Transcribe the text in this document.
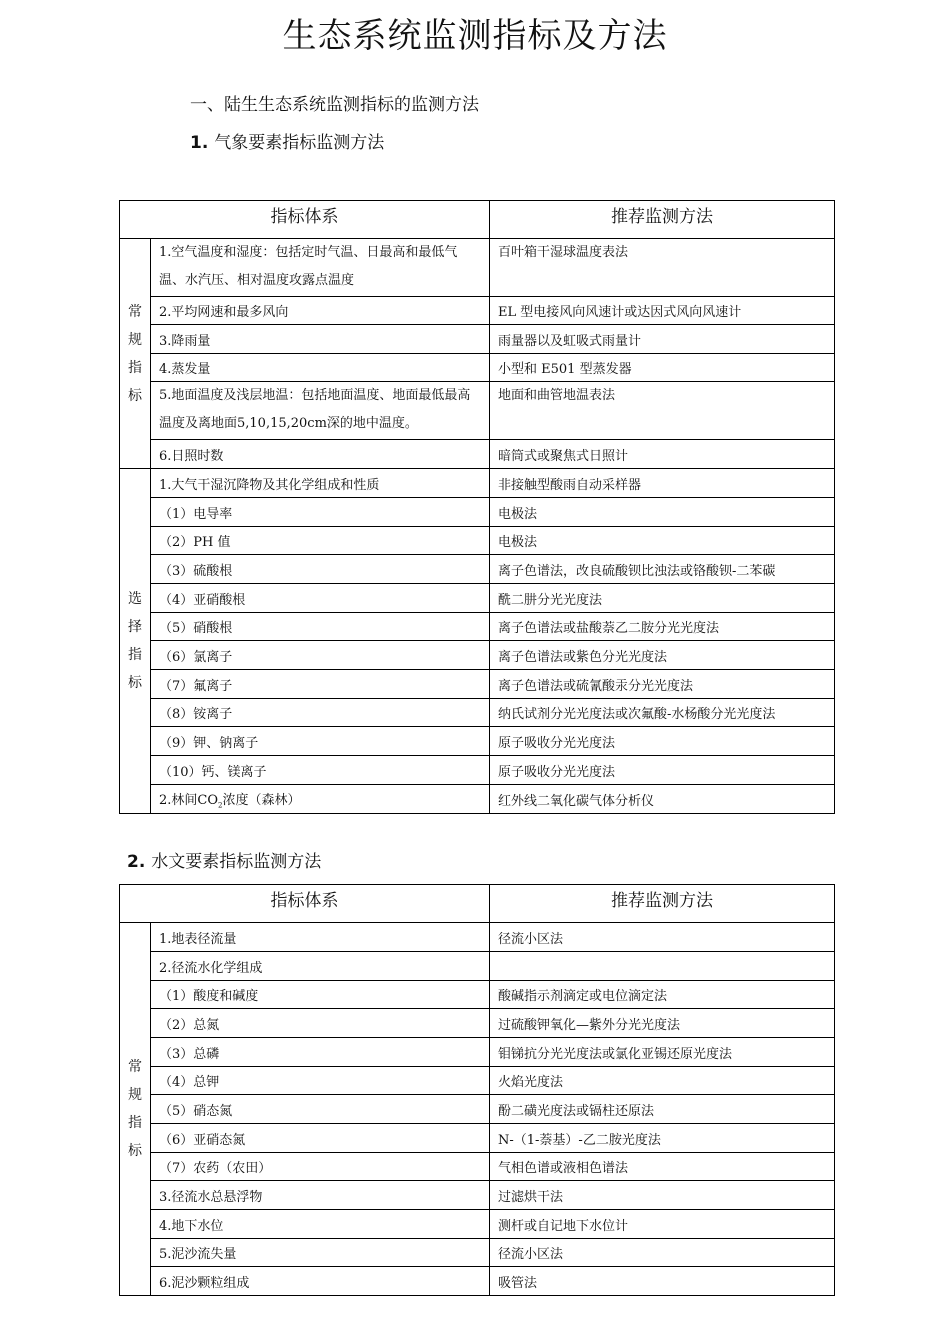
生态系统监测指标及方法
一、陆生生态系统监测指标的监测方法
1. 气象要素指标监测方法
指标体系		推荐监测方法

常规指标	1.空气温度和湿度：包括定时气温、日最高和最低气温、水汽压、相对温度攻露点温度	百叶箱干湿球温度表法
	2.平均网速和最多风向	EL 型电接风向风速计或达因式风向风速计
	3.降雨量	雨量器以及虹吸式雨量计
	4.蒸发量	小型和 E501 型蒸发器
	5.地面温度及浅层地温：包括地面温度、地面最低最高温度及离地面5,10,15,20cm深的地中温度。	地面和曲管地温表法
	6.日照时数	暗筒式或聚焦式日照计

选择指标	1.大气干湿沉降物及其化学组成和性质	非接触型酸雨自动采样器
	（1）电导率	电极法
	（2）PH 值	电极法
	（3）硫酸根	离子色谱法，改良硫酸钡比浊法或铬酸钡-二苯碳
	（4）亚硝酸根	酰二肼分光光度法
	（5）硝酸根	离子色谱法或盐酸萘乙二胺分光光度法
	（6）氯离子	离子色谱法或紫色分光光度法
	（7）氟离子	离子色谱法或硫氰酸汞分光光度法
	（8）铵离子	纳氏试剂分光光度法或次氟酸-水杨酸分光光度法
	（9）钾、钠离子	原子吸收分光光度法
	（10）钙、镁离子	原子吸收分光光度法
	2.林间$CO_2$浓度（森林）	红外线二氧化碳气体分析仪
2. 水文要素指标监测方法
指标体系		推荐监测方法

常规指标	1.地表径流量	径流小区法
	2.径流水化学组成	
	（1）酸度和碱度	酸碱指示剂滴定或电位滴定法
	（2）总氮	过硫酸钾氧化—紫外分光光度法
	（3）总磷	钼锑抗分光光度法或氯化亚锡还原光度法
	（4）总钾	火焰光度法
	（5）硝态氮	酚二磺光度法或镉柱还原法
	（6）亚硝态氮	N-（1-萘基）-乙二胺光度法
	（7）农药（农田）	气相色谱或液相色谱法
	3.径流水总悬浮物	过滤烘干法
	4.地下水位	测杆或自记地下水位计
	5.泥沙流失量	径流小区法
	6.泥沙颗粒组成	吸管法
